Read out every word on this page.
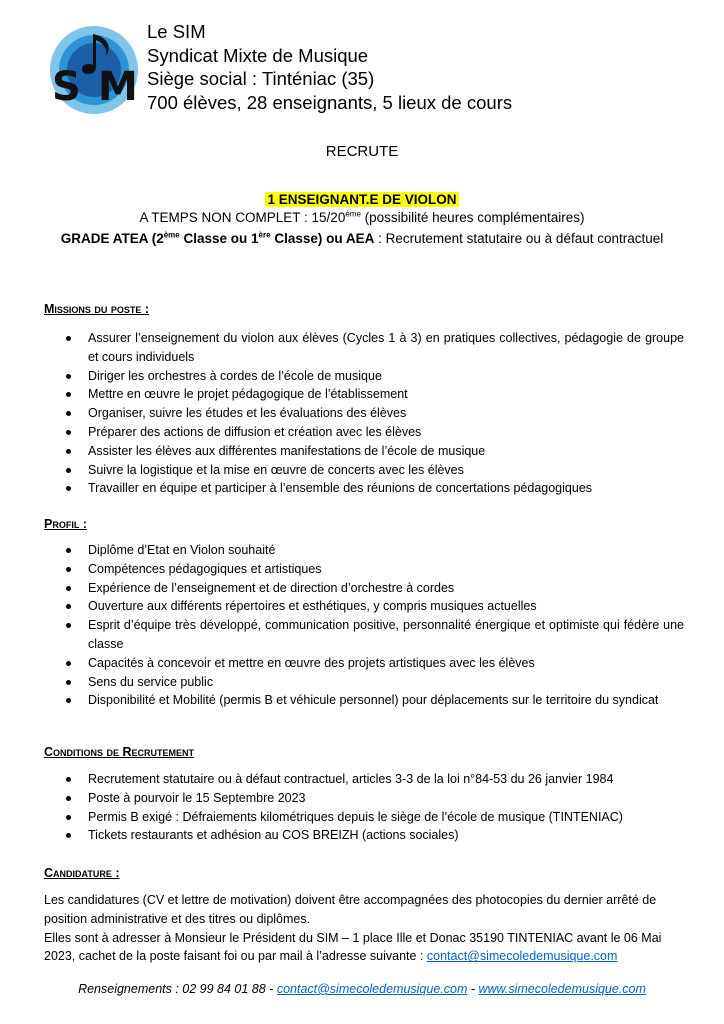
S M
Le SIM
Syndicat Mixte de Musique
Siège social : Tinténiac (35)
700 élèves, 28 enseignants, 5 lieux de cours
RECRUTE
1 ENSEIGNANT.E DE VIOLON
A TEMPS NON COMPLET : 15/20ème (possibilité heures complémentaires)
GRADE ATEA (2ème Classe ou 1ère Classe) ou AEA : Recrutement statutaire ou à défaut contractuel
Missions du poste :
Assurer l’enseignement du violon aux élèves (Cycles 1 à 3) en pratiques collectives, pédagogie de groupe et cours individuels
Diriger les orchestres à cordes de l’école de musique
Mettre en œuvre le projet pédagogique de l’établissement
Organiser, suivre les études et les évaluations des élèves
Préparer des actions de diffusion et création avec les élèves
Assister les élèves aux différentes manifestations de l’école de musique
Suivre la logistique et la mise en œuvre de concerts avec les élèves
Travailler en équipe et participer à l’ensemble des réunions de concertations pédagogiques
Profil :
Diplôme d’Etat en Violon souhaité
Compétences pédagogiques et artistiques
Expérience de l’enseignement et de direction d’orchestre à cordes
Ouverture aux différents répertoires et esthétiques, y compris musiques actuelles
Esprit d’équipe très développé, communication positive, personnalité énergique et optimiste qui fédère une classe
Capacités à concevoir et mettre en œuvre des projets artistiques avec les élèves
Sens du service public
Disponibilité et Mobilité (permis B et véhicule personnel) pour déplacements sur le territoire du syndicat
Conditions de Recrutement
Recrutement statutaire ou à défaut contractuel, articles 3-3 de la loi n°84-53 du 26 janvier 1984
Poste à pourvoir le 15 Septembre 2023
Permis B exigé : Défraiements kilométriques depuis le siège de l’école de musique (TINTENIAC)
Tickets restaurants et adhésion au COS BREIZH (actions sociales)
Candidature :
Les candidatures (CV et lettre de motivation) doivent être accompagnées des photocopies du dernier arrêté de position administrative et des titres ou diplômes.
Elles sont à adresser à Monsieur le Président du SIM – 1 place Ille et Donac 35190 TINTENIAC avant le 06 Mai 2023, cachet de la poste faisant foi ou par mail à l’adresse suivante : contact@simecoledemusique.com
Renseignements : 02 99 84 01 88 - contact@simecoledemusique.com - www.simecoledemusique.com
